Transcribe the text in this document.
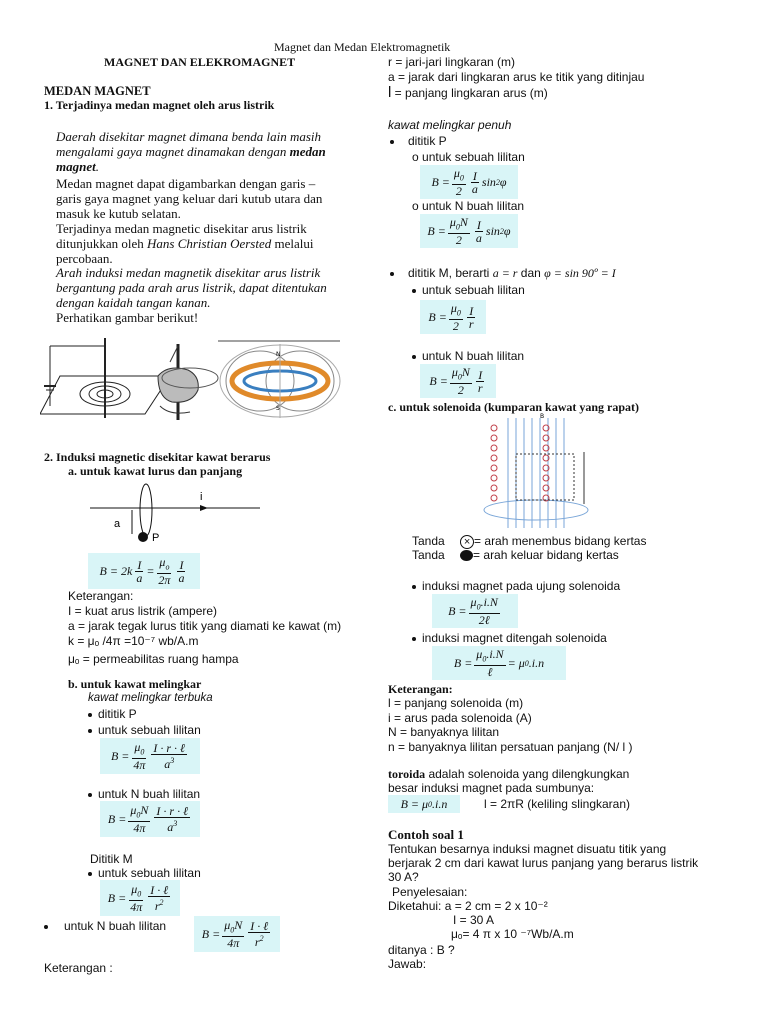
Magnet dan Medan Elektromagnetik
MAGNET DAN ELEKROMAGNET
MEDAN MAGNET
1. Terjadinya medan magnet oleh arus listrik
Daerah disekitar magnet dimana benda lain masih
mengalami gaya magnet dinamakan dengan medan
magnet.
Medan magnet dapat digambarkan dengan garis –
garis gaya magnet yang keluar dari kutub utara dan
masuk ke kutub selatan.
Terjadinya medan magnetic disekitar arus listrik
ditunjukkan oleh Hans Christian Oersted melalui
percobaan.
Arah induksi medan magnetik disekitar arus listrik
bergantung pada arah arus listrik, dapat ditentukan
dengan kaidah tangan kanan.
Perhatikan gambar berikut!
N
S
2. Induksi magnetic disekitar kawat berarus
a. untuk kawat lurus dan panjang
i
a
P
$B = 2k \frac{I}{a} = \frac{\mu_o}{2\pi} \frac{I}{a}$
Keterangan:
I = kuat arus listrik (ampere)
a = jarak tegak lurus titik yang diamati ke kawat (m)
k = μₒ /4π =10⁻⁷ wb/A.m
μₒ = permeabilitas ruang hampa
b. untuk kawat melingkar
kawat melingkar terbuka
dititik P
untuk sebuah lilitan
$B = \frac{\mu_0}{4\pi} \frac{\text{I · r · ℓ}}{a^3}$
untuk N buah lilitan
$B = \frac{\mu_0N}{4\pi} \frac{\text{I · r · ℓ}}{a^3}$
Dititik M
untuk sebuah lilitan
$B = \frac{\mu_0}{4\pi} \frac{\text{I · ℓ}}{r^2}$
untuk N buah lilitan
$B = \frac{\mu_0N}{4\pi} \frac{\text{I · ℓ}}{r^2}$
Keterangan :
r = jari-jari lingkaran (m)
a = jarak dari lingkaran arus ke titik yang ditinjau
l = panjang lingkaran arus (m)
kawat melingkar penuh
dititik P
o untuk sebuah lilitan
$B = \frac{\mu_0}{2} \frac{I}{a}$ sin 2 φ
o untuk N buah lilitan
$B = \frac{\mu_0N}{2} \frac{I}{a}$ sin 2 φ
dititik M, berarti a = r dan φ = sin 90º = I
untuk sebuah lilitan
$B = \frac{\mu_0}{2} \frac{I}{r}$
untuk N buah lilitan
$B = \frac{\mu_0N}{2} \frac{I}{r}$
c. untuk solenoida (kumparan kawat yang rapat)
B
Tanda × = arah menembus bidang kertas
Tanda = arah keluar bidang kertas
induksi magnet pada ujung solenoida
$B = \frac{\mu_0.i.N}{\text{2ℓ}}$
induksi magnet ditengah solenoida
$B = \frac{\mu_0.i.N}{\text{ℓ}} = \mu$ 0 .i.n
Keterangan:
l = panjang solenoida (m)
i = arus pada solenoida (A)
N = banyaknya lilitan
n = banyaknya lilitan persatuan panjang (N/ l )
toroida adalah solenoida yang dilengkungkan
besar induksi magnet pada sumbunya:
B = μ 0 .i.n	l = 2πR (keliling slingkaran)
Contoh soal 1
Tentukan besarnya induksi magnet disuatu titik yang
berjarak 2 cm dari kawat lurus panjang yang berarus listrik
30 A?
Penyelesaian:
Diketahui: a = 2 cm = 2 x 10⁻²
I = 30 A
μₒ= 4 π x 10 ⁻⁷Wb/A.m
ditanya : B ?
Jawab:
